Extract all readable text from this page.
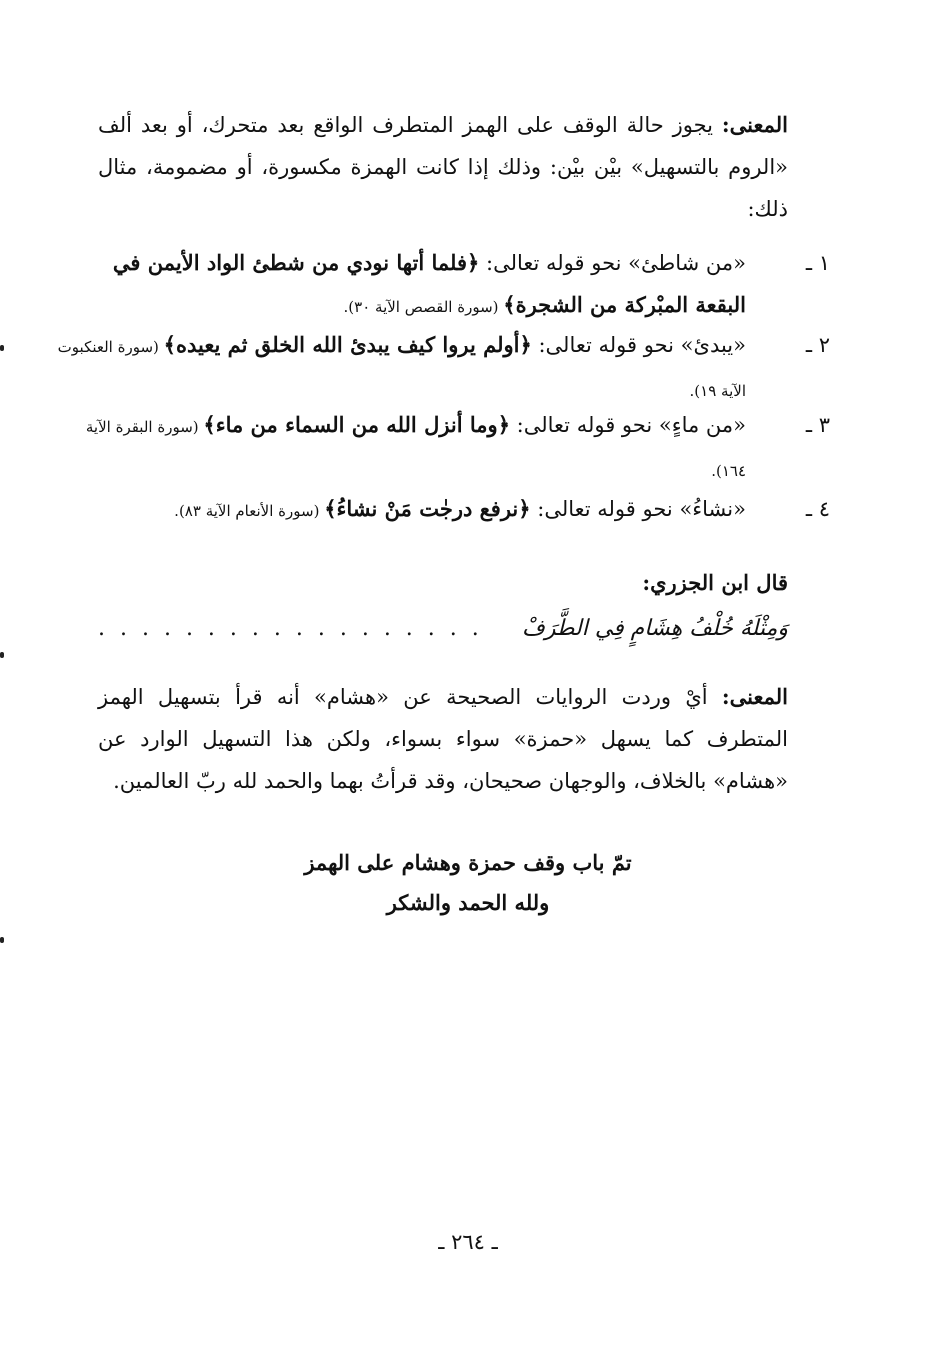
المعنى: يجوز حالة الوقف على الهمز المتطرف الواقع بعد متحرك، أو بعد ألف «الروم بالتسهيل» بيْن بيْن: وذلك إذا كانت الهمزة مكسورة، أو مضمومة، مثال ذلك:
١ ـ«من شاطئ» نحو قوله تعالى: ﴿فلما أتها نودي من شطئ الواد الأيمن في البقعة المبْركة من الشجرة﴾ (سورة القصص الآية ٣٠).
٢ ـ«يبدئ» نحو قوله تعالى: ﴿أولم يروا كيف يبدئ الله الخلق ثم يعيده﴾ (سورة العنكبوت الآية ١٩).
٣ ـ«من ماءٍ» نحو قوله تعالى: ﴿وما أنزل الله من السماء من ماء﴾ (سورة البقرة الآية ١٦٤).
٤ ـ«نشاءُ» نحو قوله تعالى: ﴿نرفع درجٰت مَنْ نشاءُ﴾ (سورة الأنعام الآية ٨٣).
قال ابن الجزري:
وَمِثْلَهُ خُلْفُ هِشَامٍ فِي الطَّرَفْ
. . . . . . . . . . . . . . . . . .
المعنى: أيْ وردت الروايات الصحيحة عن «هشام» أنه قرأ بتسهيل الهمز المتطرف كما يسهل «حمزة» سواء بسواء، ولكن هذا التسهيل الوارد عن «هشام» بالخلاف، والوجهان صحيحان، وقد قرأتُ بهما والحمد لله ربّ العالمين.
تمّ باب وقف حمزة وهشام على الهمز
ولله الحمد والشكر
ـ ٢٦٤ ـ
